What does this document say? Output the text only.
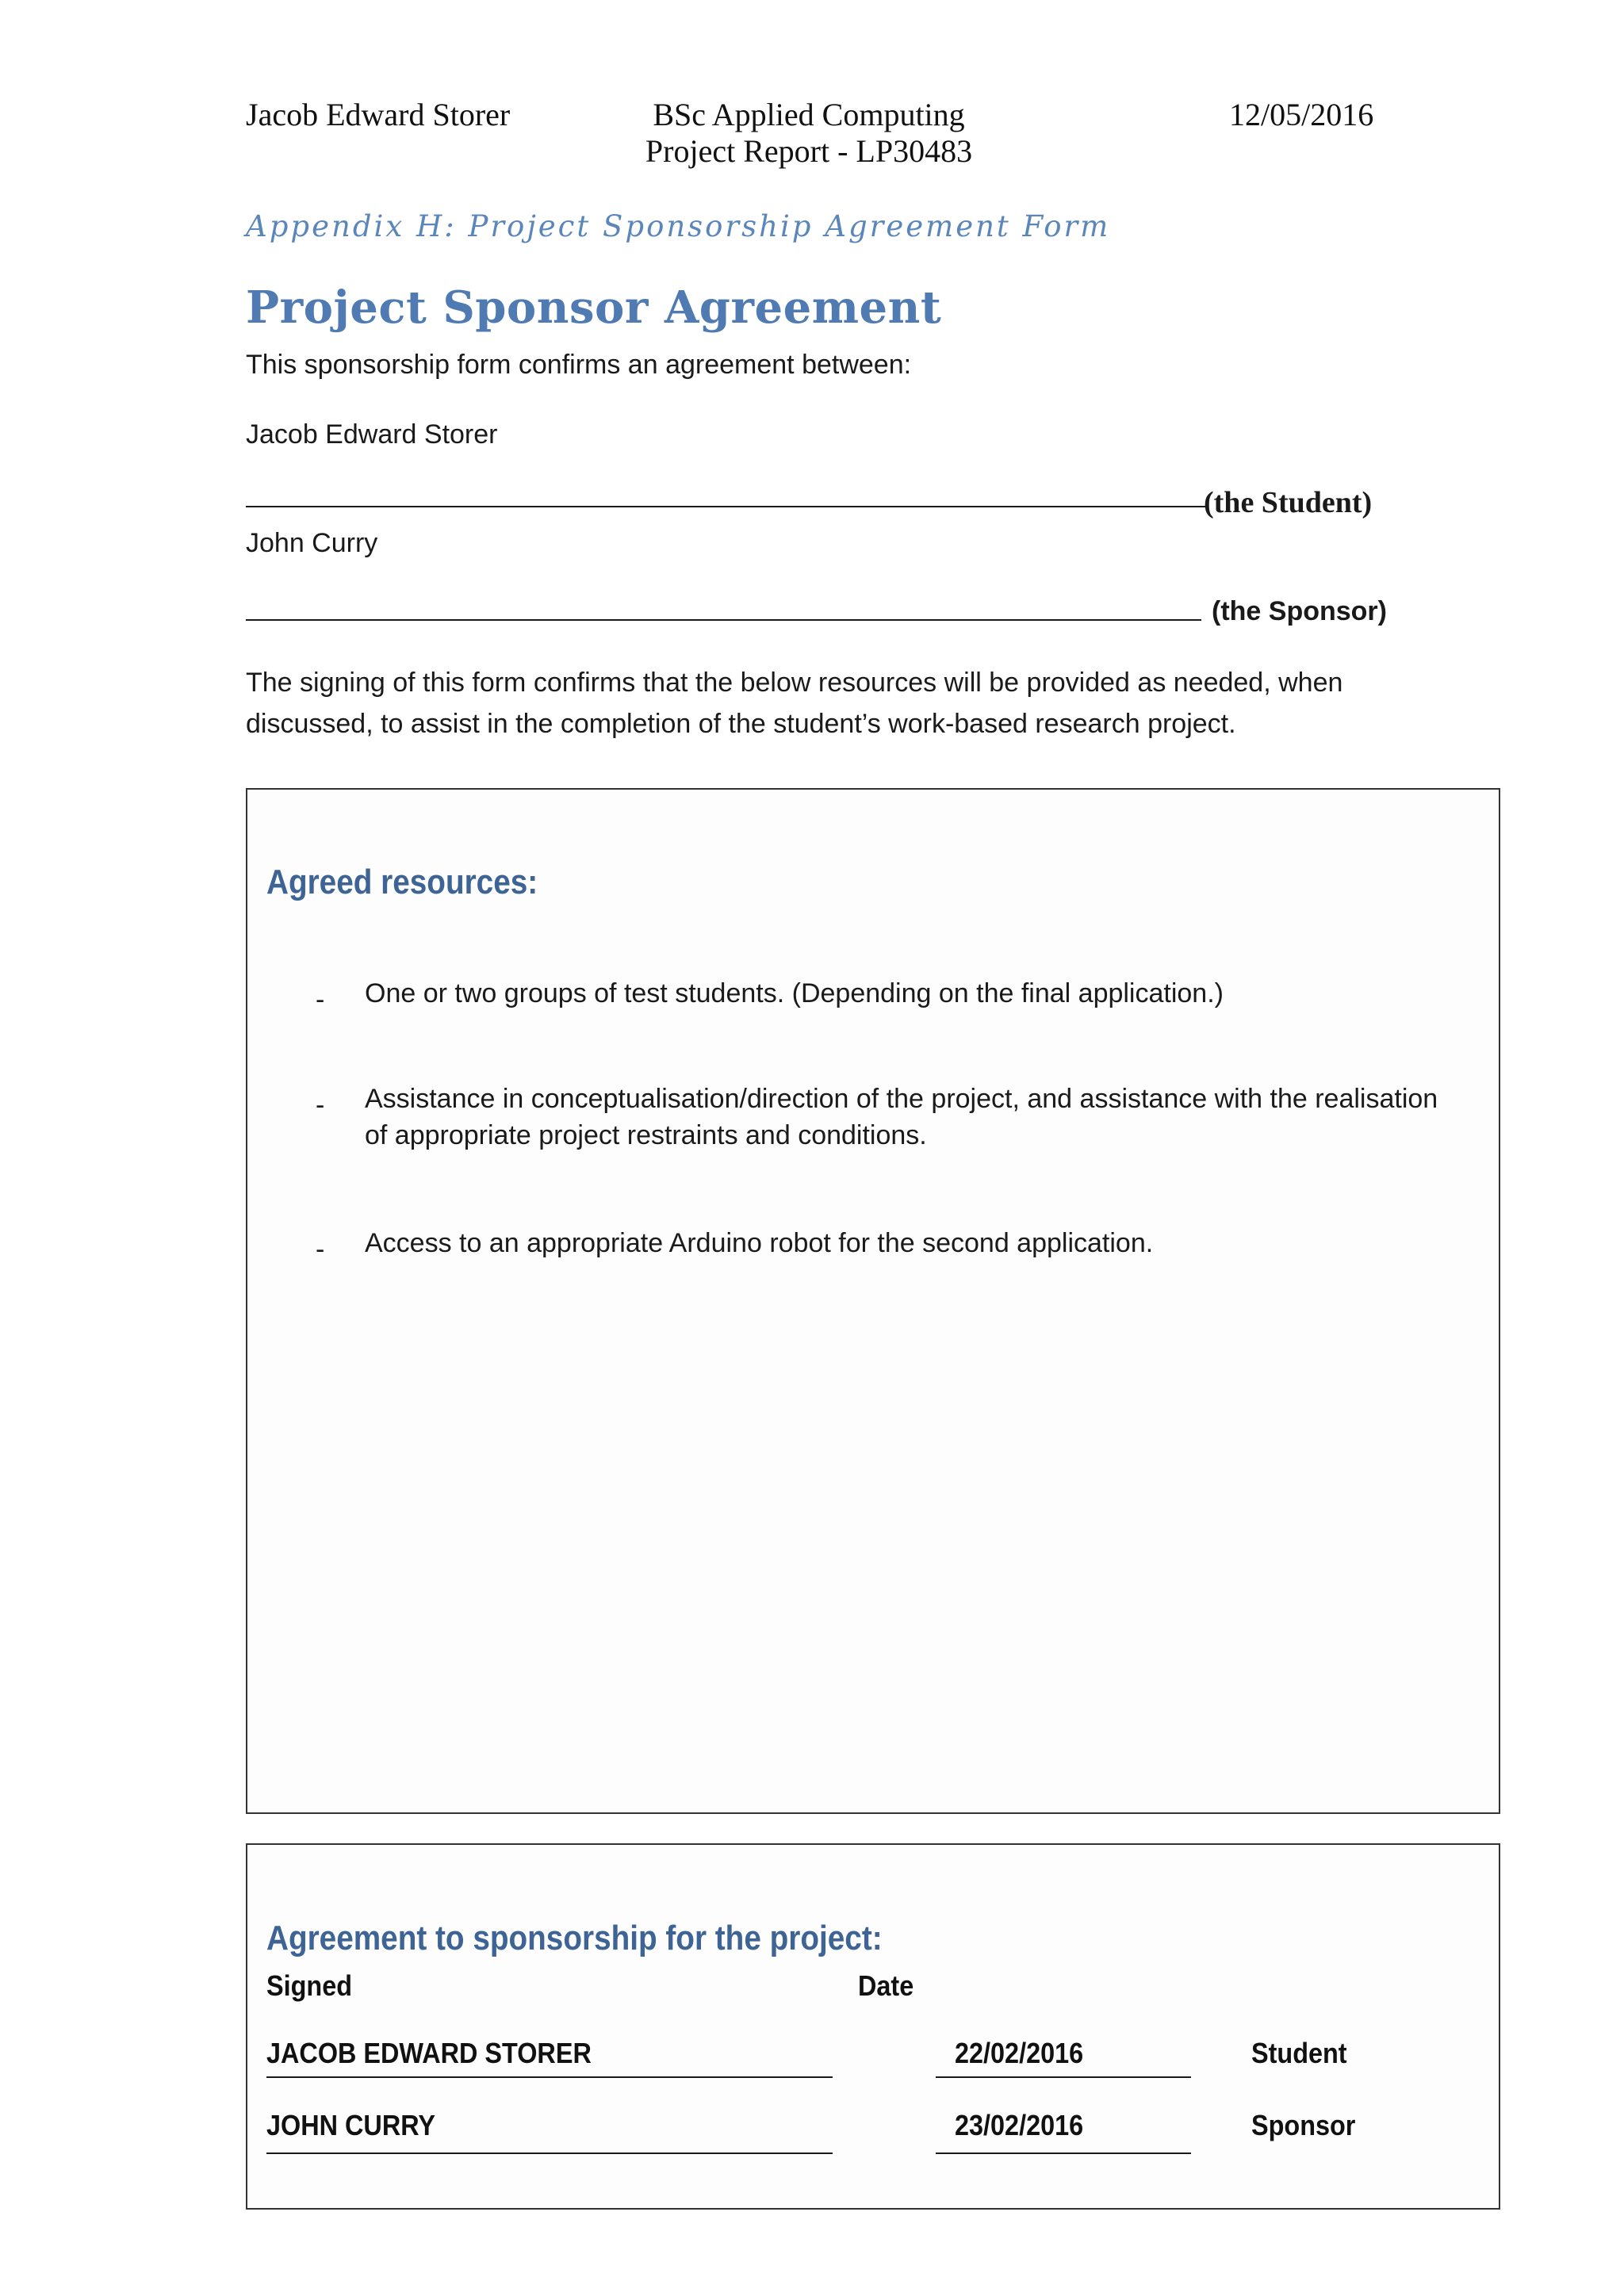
Jacob Edward Storer	BSc Applied Computing
Project Report - LP30483
12/05/2016
Appendix H: Project Sponsorship Agreement Form
Project Sponsor Agreement
This sponsorship form confirms an agreement between:
Jacob Edward Storer
(the Student)
John Curry
(the Sponsor)
The signing of this form confirms that the below resources will be provided as needed, when
discussed, to assist in the completion of the student’s work-based research project.
Agreed resources:
- One or two groups of test students. (Depending on the final application.)
- Assistance in conceptualisation/direction of the project, and assistance with the realisation
of appropriate project restraints and conditions.
- Access to an appropriate Arduino robot for the second application.
Agreement to sponsorship for the project:
Signed	Date
JACOB EDWARD STORER	22/02/2016	Student
JOHN CURRY	23/02/2016	Sponsor
